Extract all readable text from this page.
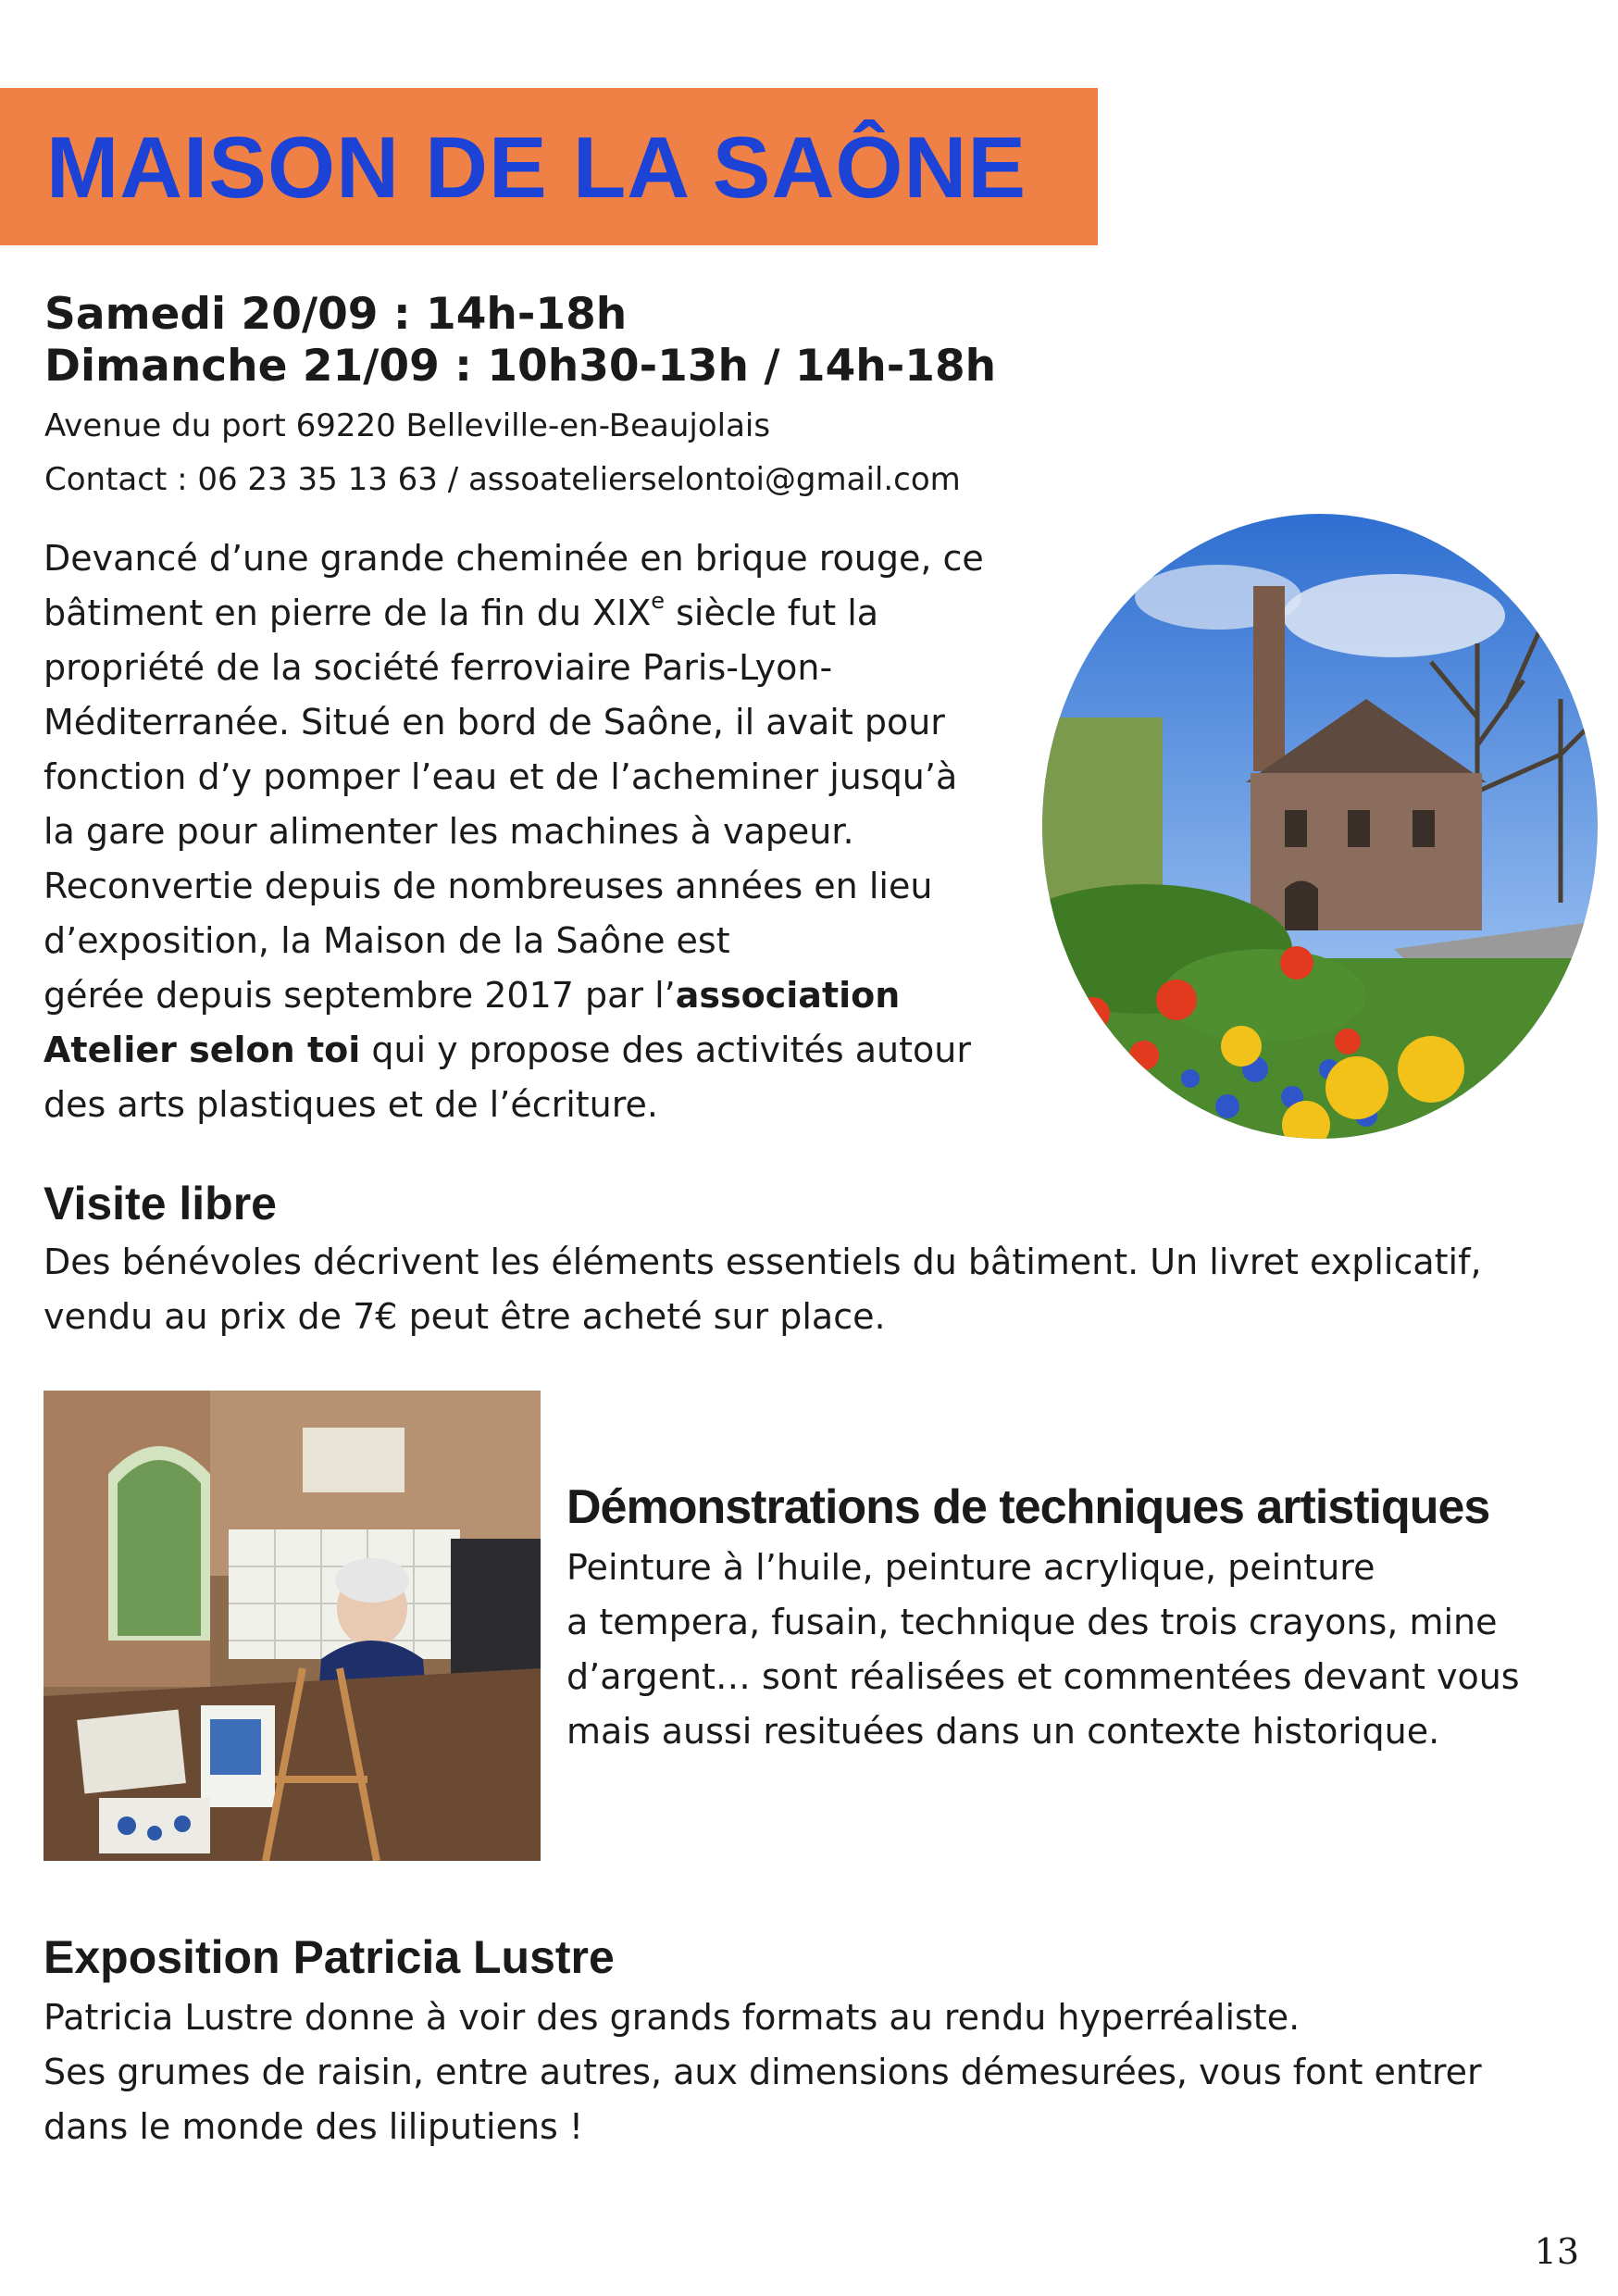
MAISON DE LA SAÔNE

Samedi 20/09 : 14h-18h

Dimanche 21/09 : 10h30-13h / 14h-18h

Avenue du port 69220 Belleville-en-Beaujolais

Contact : 06 23 35 13 63 / assoatelierselontoi@gmail.com

Devancé d’une grande cheminée en brique rouge, ce
bâtiment en pierre de la fin du XIXe siècle fut la
propriété de la société ferroviaire Paris-Lyon-
Méditerranée. Situé en bord de Saône, il avait pour
fonction d’y pomper l’eau et de l’acheminer jusqu’à
la gare pour alimenter les machines à vapeur.
Reconvertie depuis de nombreuses années en lieu
d’exposition, la Maison de la Saône est
gérée depuis septembre 2017 par l’association
Atelier selon toi qui y propose des activités autour
des arts plastiques et de l’écriture.
Visite libre
Des bénévoles décrivent les éléments essentiels du bâtiment. Un livret explicatif,
vendu au prix de 7€ peut être acheté sur place.
Démonstrations de techniques artistiques
Peinture à l’huile, peinture acrylique, peinture
a tempera, fusain, technique des trois crayons, mine
d’argent… sont réalisées et commentées devant vous
mais aussi resituées dans un contexte historique.
Exposition Patricia Lustre
Patricia Lustre donne à voir des grands formats au rendu hyperréaliste.
Ses grumes de raisin, entre autres, aux dimensions démesurées, vous font entrer
dans le monde des liliputiens !

13
